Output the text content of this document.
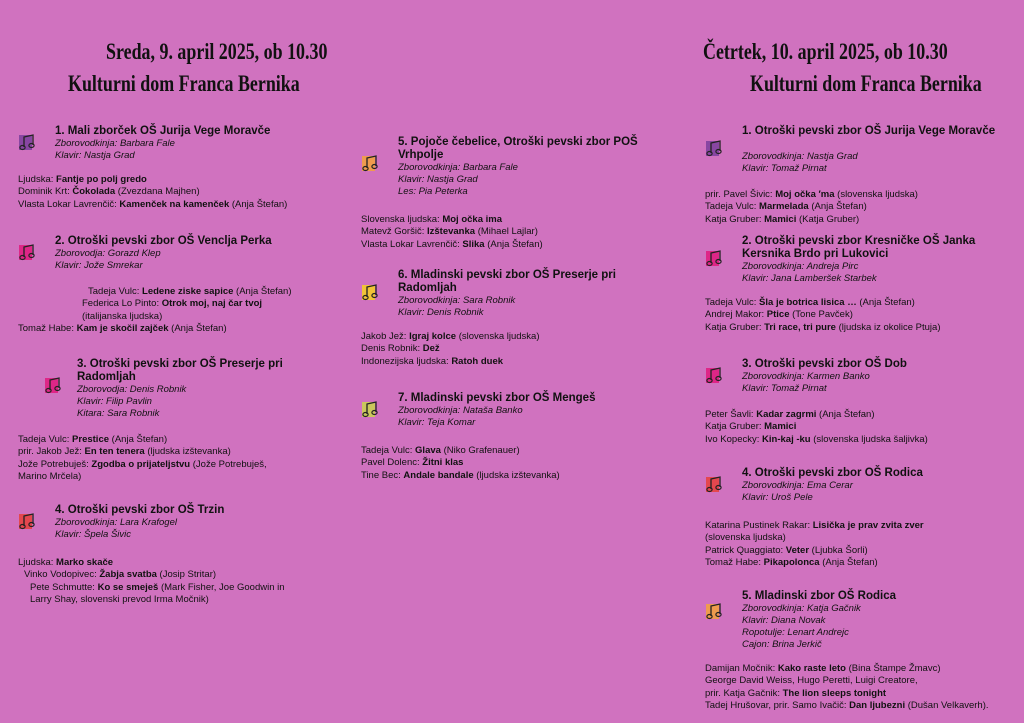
Sreda, 9. april 2025, ob 10.30
Kulturni dom Franca Bernika
Četrtek, 10. april 2025, ob 10.30
Kulturni dom Franca Bernika
1. Mali zborček OŠ Jurija Vege Moravče
Zborovodkinja: Barbara Fale
Klavir: Nastja Grad
Ljudska: Fantje po polj gredo
Dominik Krt: Čokolada (Zvezdana Majhen)
Vlasta Lokar Lavrenčič: Kamenček na kamenček (Anja Štefan)
2. Otroški pevski zbor OŠ Venclja Perka
Zborovodja: Gorazd Klep
Klavir: Jože Smrekar
Tadeja Vulc: Ledene ziske sapice (Anja Štefan)
Federica Lo Pinto: Otrok moj, naj čar tvoj
(italijanska ljudska)
Tomaž Habe: Kam je skočil zajček (Anja Štefan)
3. Otroški pevski zbor OŠ Preserje pri Radomljah
Zborovodja: Denis Robnik
Klavir: Filip Pavlin
Kitara: Sara Robnik
Tadeja Vulc: Prestice (Anja Štefan)
prir. Jakob Jež: En ten tenera (ljudska izštevanka)
Jože Potrebuješ: Zgodba o prijateljstvu (Jože Potrebuješ,
Marino Mrčela)
4. Otroški pevski zbor OŠ Trzin
Zborovodkinja: Lara Krafogel
Klavir: Špela Šivic
Ljudska: Marko skače
Vinko Vodopivec: Žabja svatba (Josip Stritar)
Pete Schmutte: Ko se smeješ (Mark Fisher, Joe Goodwin in
Larry Shay, slovenski prevod Irma Močnik)
5. Pojoče čebelice, Otroški pevski zbor POŠ Vrhpolje
Zborovodkinja: Barbara Fale
Klavir: Nastja Grad
Les: Pia Peterka
Slovenska ljudska: Moj očka ima
Matevž Goršič: Izštevanka (Mihael Lajlar)
Vlasta Lokar Lavrenčič: Slika (Anja Štefan)
6. Mladinski pevski zbor OŠ Preserje pri Radomljah
Zborovodkinja: Sara Robnik
Klavir: Denis Robnik
Jakob Jež: Igraj kolce (slovenska ljudska)
Denis Robnik: Dež
Indonezijska ljudska: Ratoh duek
7. Mladinski pevski zbor OŠ Mengeš
Zborovodkinja: Nataša Banko
Klavir: Teja Komar
Tadeja Vulc: Glava (Niko Grafenauer)
Pavel Dolenc: Žitni klas
Tine Bec: Andale bandale (ljudska izštevanka)
1. Otroški pevski zbor OŠ Jurija Vege Moravče
Zborovodkinja: Nastja Grad
Klavir: Tomaž Pirnat
prir. Pavel Šivic: Moj očka ′ma (slovenska ljudska)
Tadeja Vulc: Marmelada (Anja Štefan)
Katja Gruber: Mamici (Katja Gruber)
2. Otroški pevski zbor Kresničke OŠ Janka Kersnika Brdo pri Lukovici
Zborovodkinja: Andreja Pirc
Klavir: Jana Lamberšek Starbek
Tadeja Vulc: Šla je botrica lisica … (Anja Štefan)
Andrej Makor: Ptice (Tone Pavček)
Katja Gruber: Tri race, tri pure (ljudska iz okolice Ptuja)
3. Otroški pevski zbor OŠ Dob
Zborovodkinja: Karmen Banko
Klavir: Tomaž Pirnat
Peter Šavli: Kadar zagrmi (Anja Štefan)
Katja Gruber: Mamici
Ivo Kopecky: Kin-kaj -ku (slovenska ljudska šaljivka)
4. Otroški pevski zbor OŠ Rodica
Zborovodkinja: Ema Cerar
Klavir: Uroš Pele
Katarina Pustinek Rakar: Lisička je prav zvita zver
(slovenska ljudska)
Patrick Quaggiato: Veter (Ljubka Šorli)
Tomaž Habe: Pikapolonca (Anja Štefan)
5. Mladinski zbor OŠ Rodica
Zborovodkinja: Katja Gačnik
Klavir: Diana Novak
Ropotulje: Lenart Andrejc
Cajon: Brina Jerkič
Damijan Močnik: Kako raste leto (Bina Štampe Žmavc)
George David Weiss, Hugo Peretti, Luigi Creatore,
prir. Katja Gačnik: The lion sleeps tonight
Tadej Hrušovar, prir. Samo Ivačič: Dan ljubezni (Dušan Velkaverh).
